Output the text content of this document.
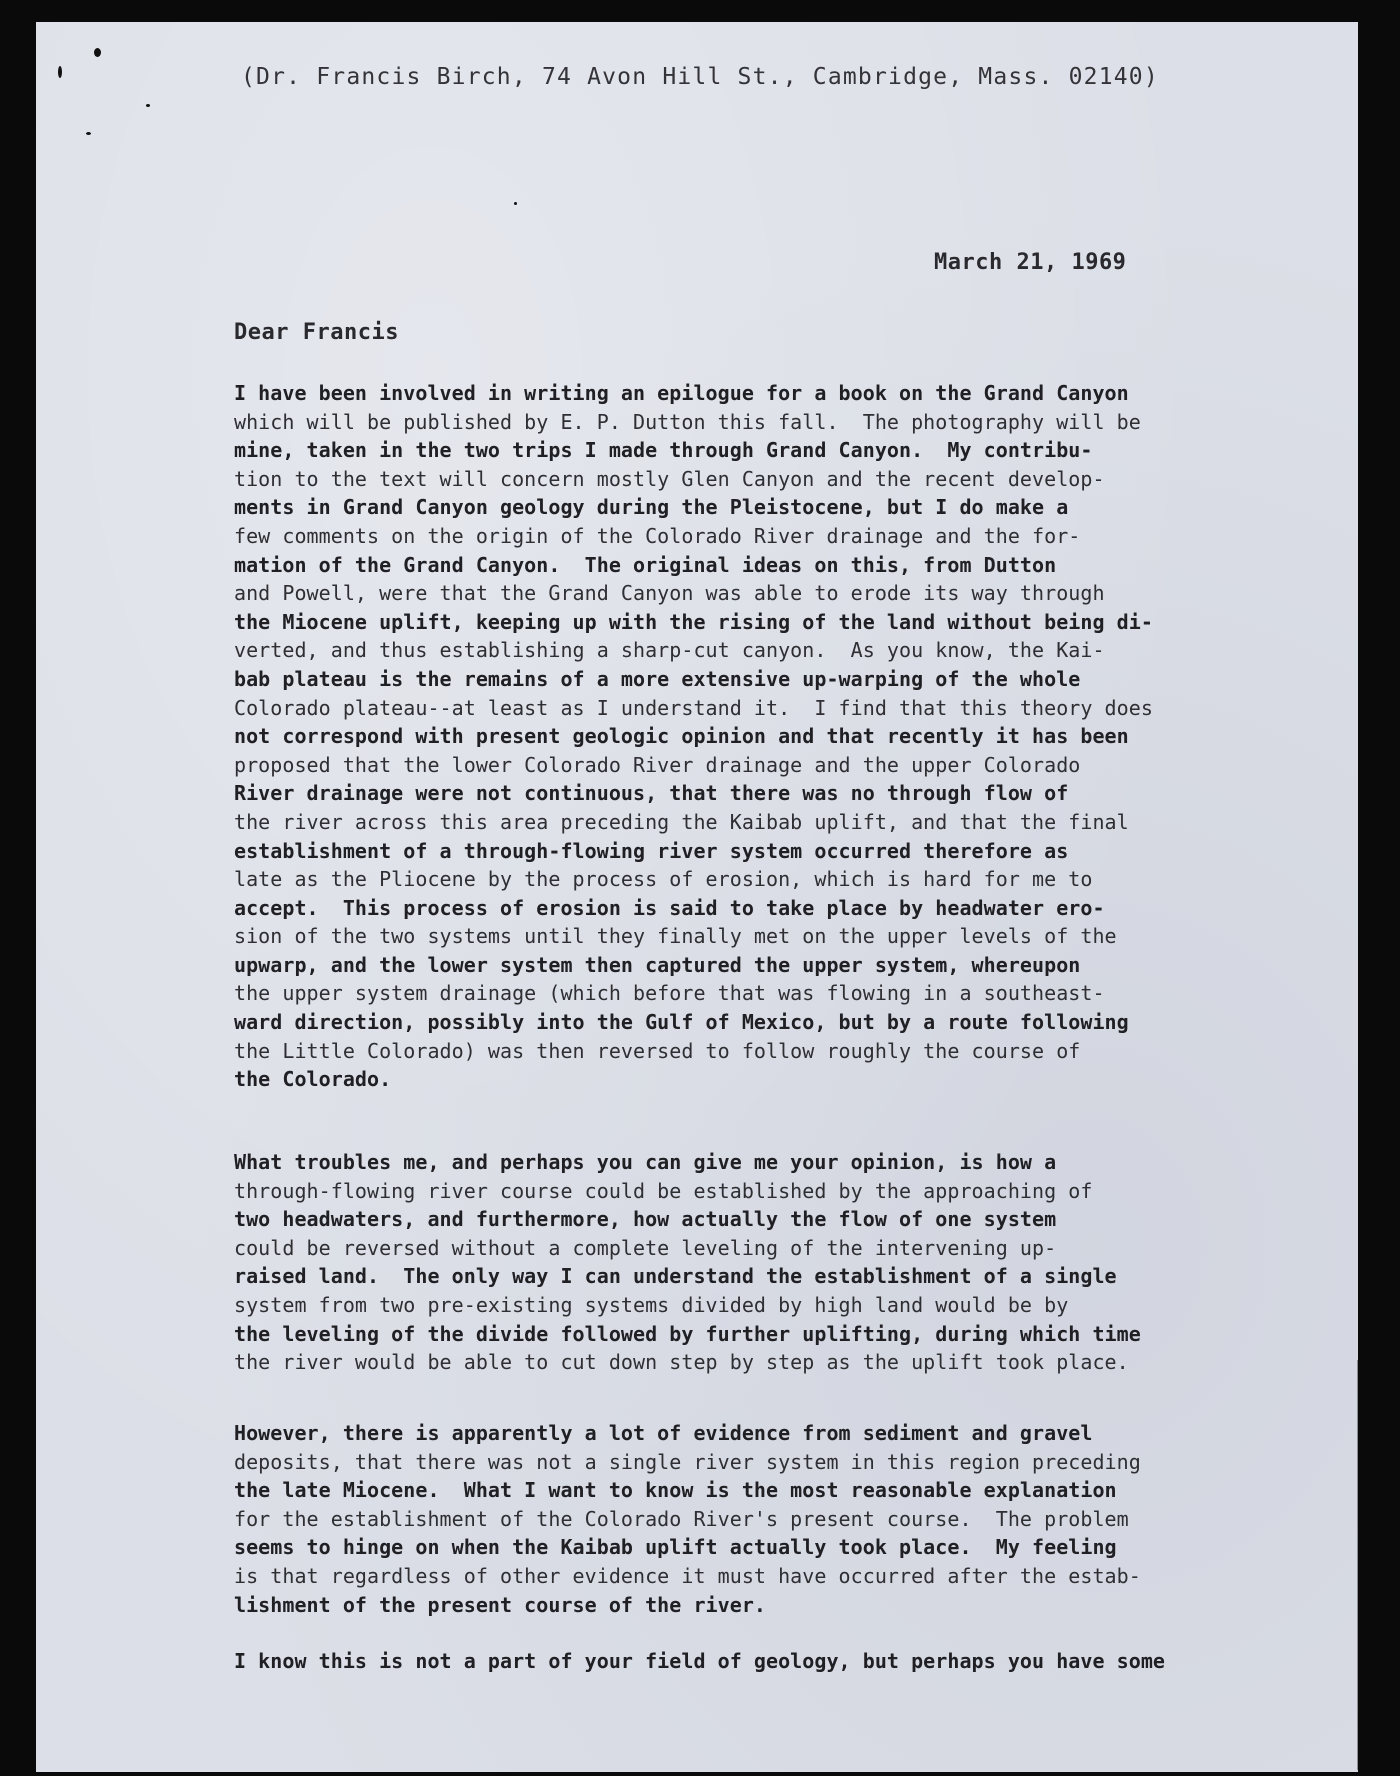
(Dr. Francis Birch, 74 Avon Hill St., Cambridge, Mass. 02140)
March 21, 1969
Dear Francis
I have been involved in writing an epilogue for a book on the Grand Canyon
which will be published by E. P. Dutton this fall.  The photography will be
mine, taken in the two trips I made through Grand Canyon.  My contribu-
tion to the text will concern mostly Glen Canyon and the recent develop-
ments in Grand Canyon geology during the Pleistocene, but I do make a
few comments on the origin of the Colorado River drainage and the for-
mation of the Grand Canyon.  The original ideas on this, from Dutton
and Powell, were that the Grand Canyon was able to erode its way through
the Miocene uplift, keeping up with the rising of the land without being di-
verted, and thus establishing a sharp-cut canyon.  As you know, the Kai-
bab plateau is the remains of a more extensive up-warping of the whole
Colorado plateau--at least as I understand it.  I find that this theory does
not correspond with present geologic opinion and that recently it has been
proposed that the lower Colorado River drainage and the upper Colorado
River drainage were not continuous, that there was no through flow of
the river across this area preceding the Kaibab uplift, and that the final
establishment of a through-flowing river system occurred therefore as
late as the Pliocene by the process of erosion, which is hard for me to
accept.  This process of erosion is said to take place by headwater ero-
sion of the two systems until they finally met on the upper levels of the
upwarp, and the lower system then captured the upper system, whereupon
the upper system drainage (which before that was flowing in a southeast-
ward direction, possibly into the Gulf of Mexico, but by a route following
the Little Colorado) was then reversed to follow roughly the course of
the Colorado.
What troubles me, and perhaps you can give me your opinion, is how a
through-flowing river course could be established by the approaching of
two headwaters, and furthermore, how actually the flow of one system
could be reversed without a complete leveling of the intervening up-
raised land.  The only way I can understand the establishment of a single
system from two pre-existing systems divided by high land would be by
the leveling of the divide followed by further uplifting, during which time
the river would be able to cut down step by step as the uplift took place.
However, there is apparently a lot of evidence from sediment and gravel
deposits, that there was not a single river system in this region preceding
the late Miocene.  What I want to know is the most reasonable explanation
for the establishment of the Colorado River's present course.  The problem
seems to hinge on when the Kaibab uplift actually took place.  My feeling
is that regardless of other evidence it must have occurred after the estab-
lishment of the present course of the river.
I know this is not a part of your field of geology, but perhaps you have some
